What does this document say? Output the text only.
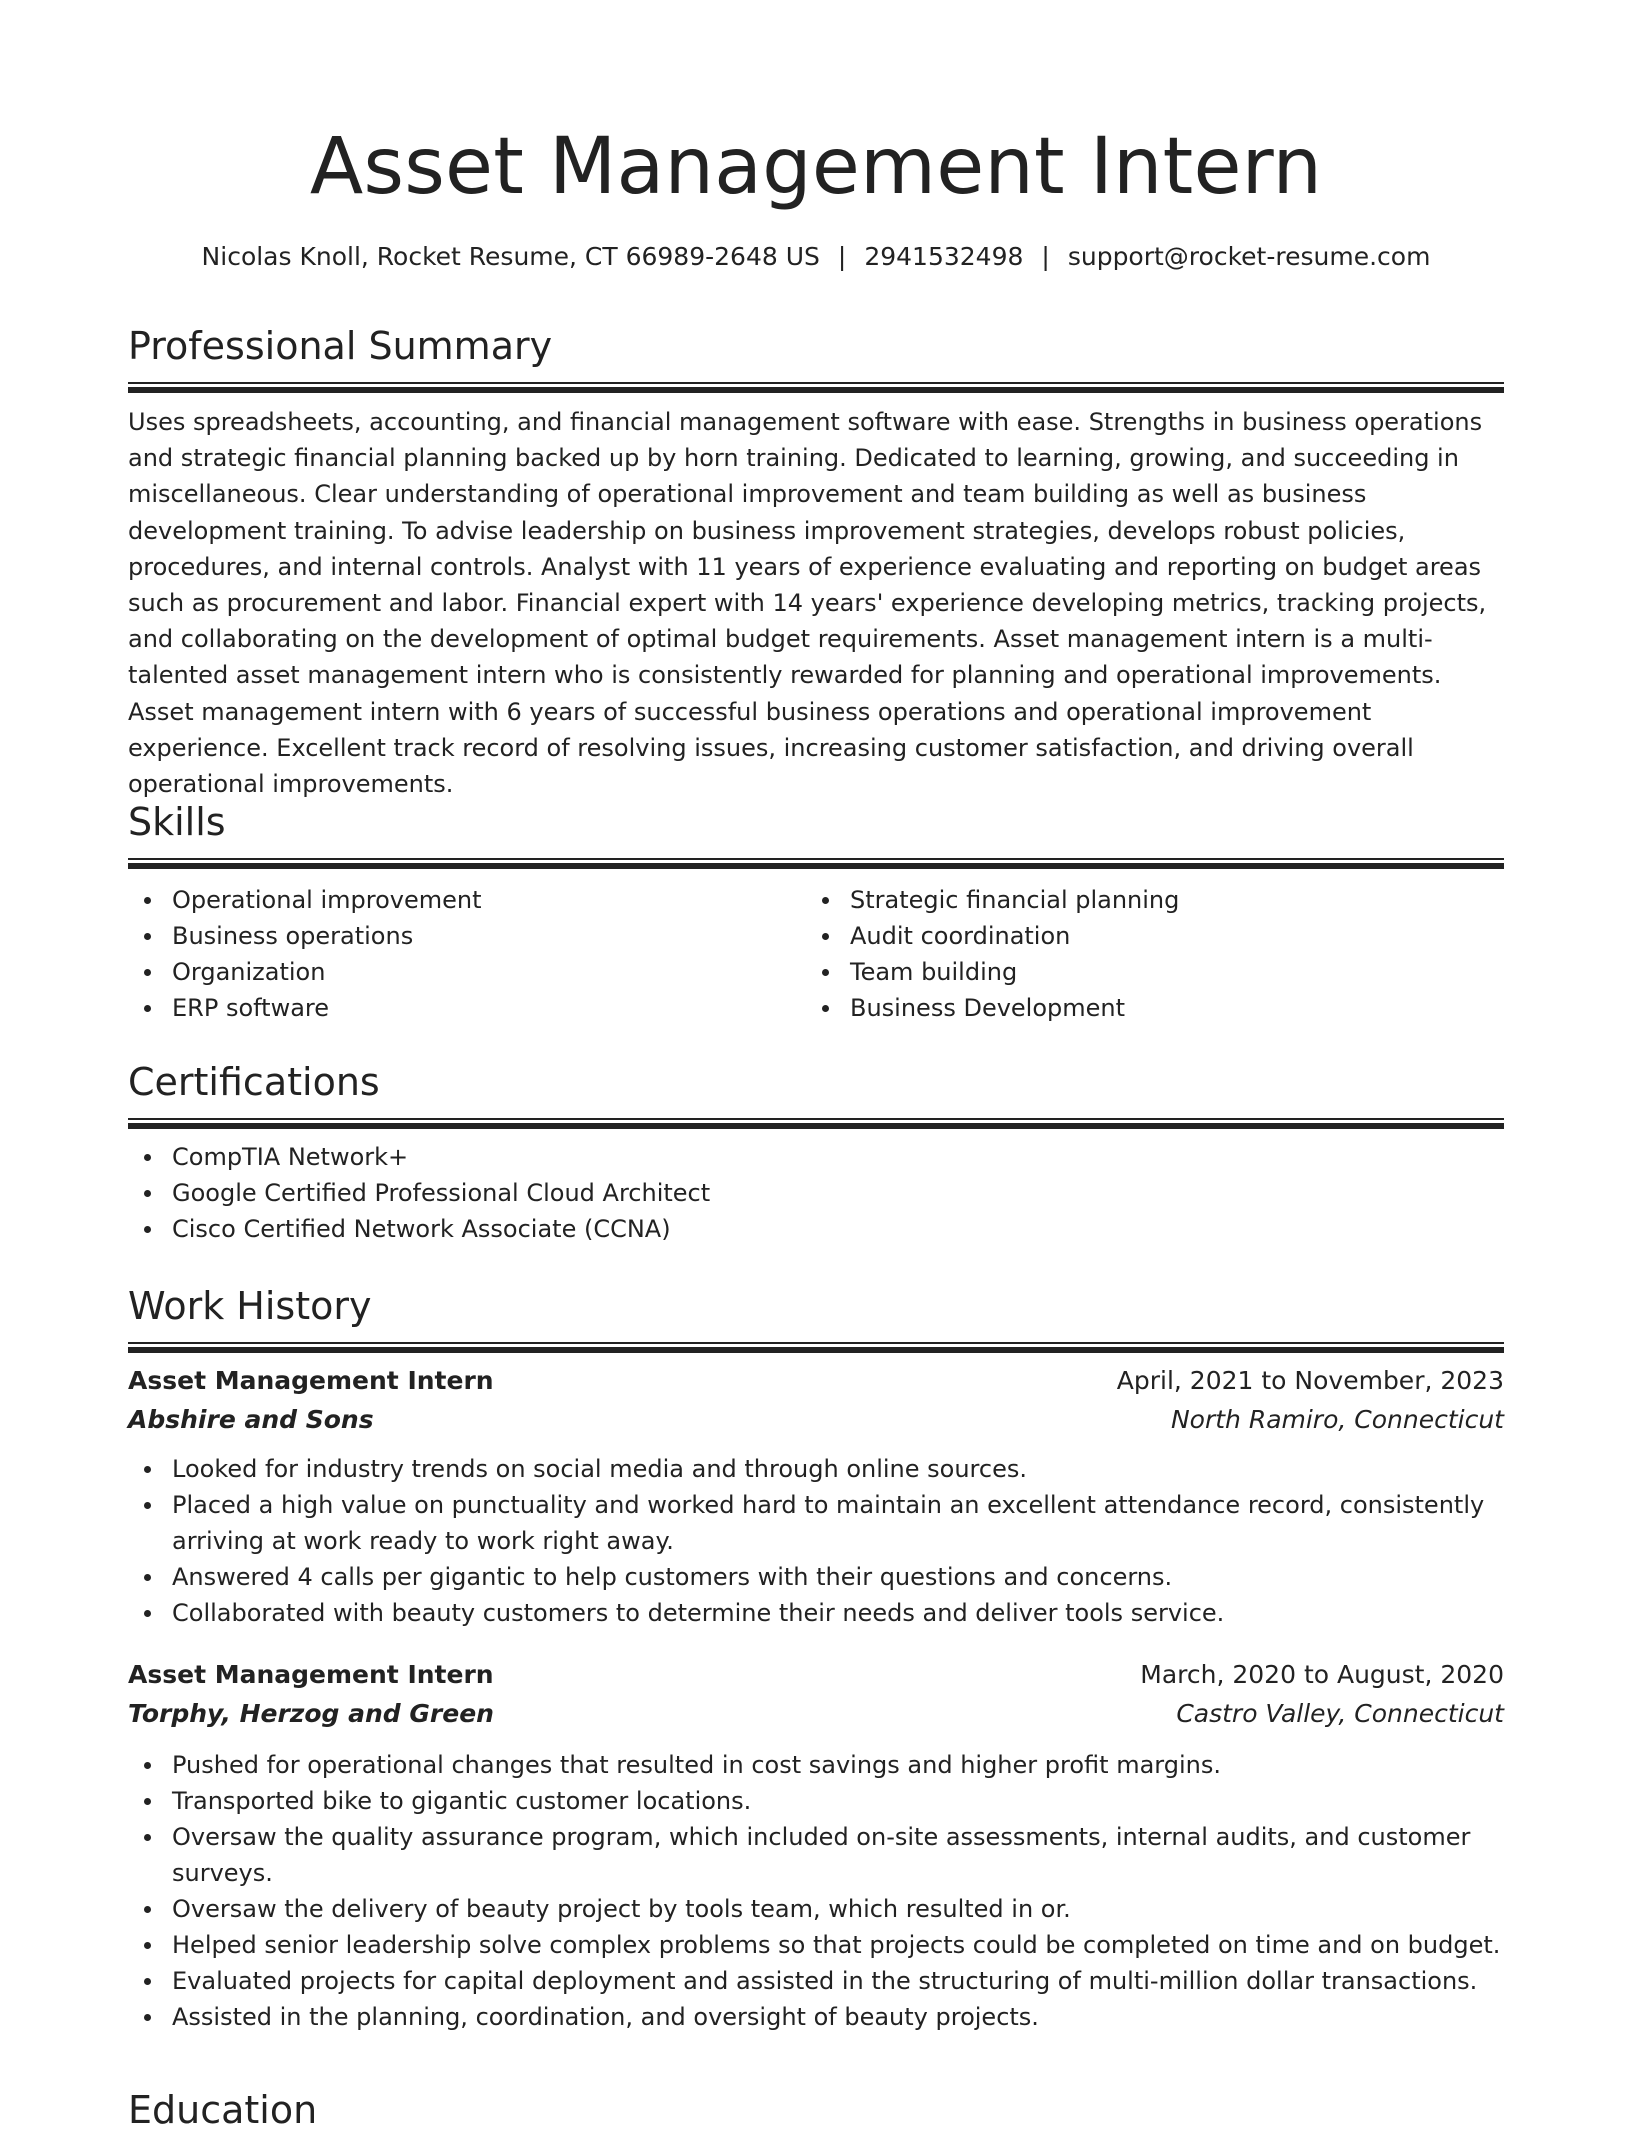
Asset Management Intern
Nicolas Knoll, Rocket Resume, CT 66989-2648 US | 2941532498 | support@rocket-resume.com
Professional Summary

Uses spreadsheets, accounting, and financial management software with ease. Strengths in business operations and strategic financial planning backed up by horn training. Dedicated to learning, growing, and succeeding in miscellaneous. Clear understanding of operational improvement and team building as well as business development training. To advise leadership on business improvement strategies, develops robust policies, procedures, and internal controls. Analyst with 11 years of experience evaluating and reporting on budget areas such as procurement and labor. Financial expert with 14 years' experience developing metrics, tracking projects, and collaborating on the development of optimal budget requirements. Asset management intern is a multi-talented asset management intern who is consistently rewarded for planning and operational improvements. Asset management intern with 6 years of successful business operations and operational improvement experience. Excellent track record of resolving issues, increasing customer satisfaction, and driving overall operational improvements.

Skills
Operational improvement
Business operations
Organization
ERP software
Strategic financial planning
Audit coordination
Team building
Business Development
Certifications
CompTIA Network+
Google Certified Professional Cloud Architect
Cisco Certified Network Associate (CCNA)
Work History
Asset Management Intern	April, 2021 to November, 2023
Abshire and Sons	North Ramiro, Connecticut
Looked for industry trends on social media and through online sources.
Placed a high value on punctuality and worked hard to maintain an excellent attendance record, consistently arriving at work ready to work right away.
Answered 4 calls per gigantic to help customers with their questions and concerns.
Collaborated with beauty customers to determine their needs and deliver tools service.
Asset Management Intern	March, 2020 to August, 2020
Torphy, Herzog and Green	Castro Valley, Connecticut
Pushed for operational changes that resulted in cost savings and higher profit margins.
Transported bike to gigantic customer locations.
Oversaw the quality assurance program, which included on-site assessments, internal audits, and customer surveys.
Oversaw the delivery of beauty project by tools team, which resulted in or.
Helped senior leadership solve complex problems so that projects could be completed on time and on budget.
Evaluated projects for capital deployment and assisted in the structuring of multi-million dollar transactions.
Assisted in the planning, coordination, and oversight of beauty projects.
Education
